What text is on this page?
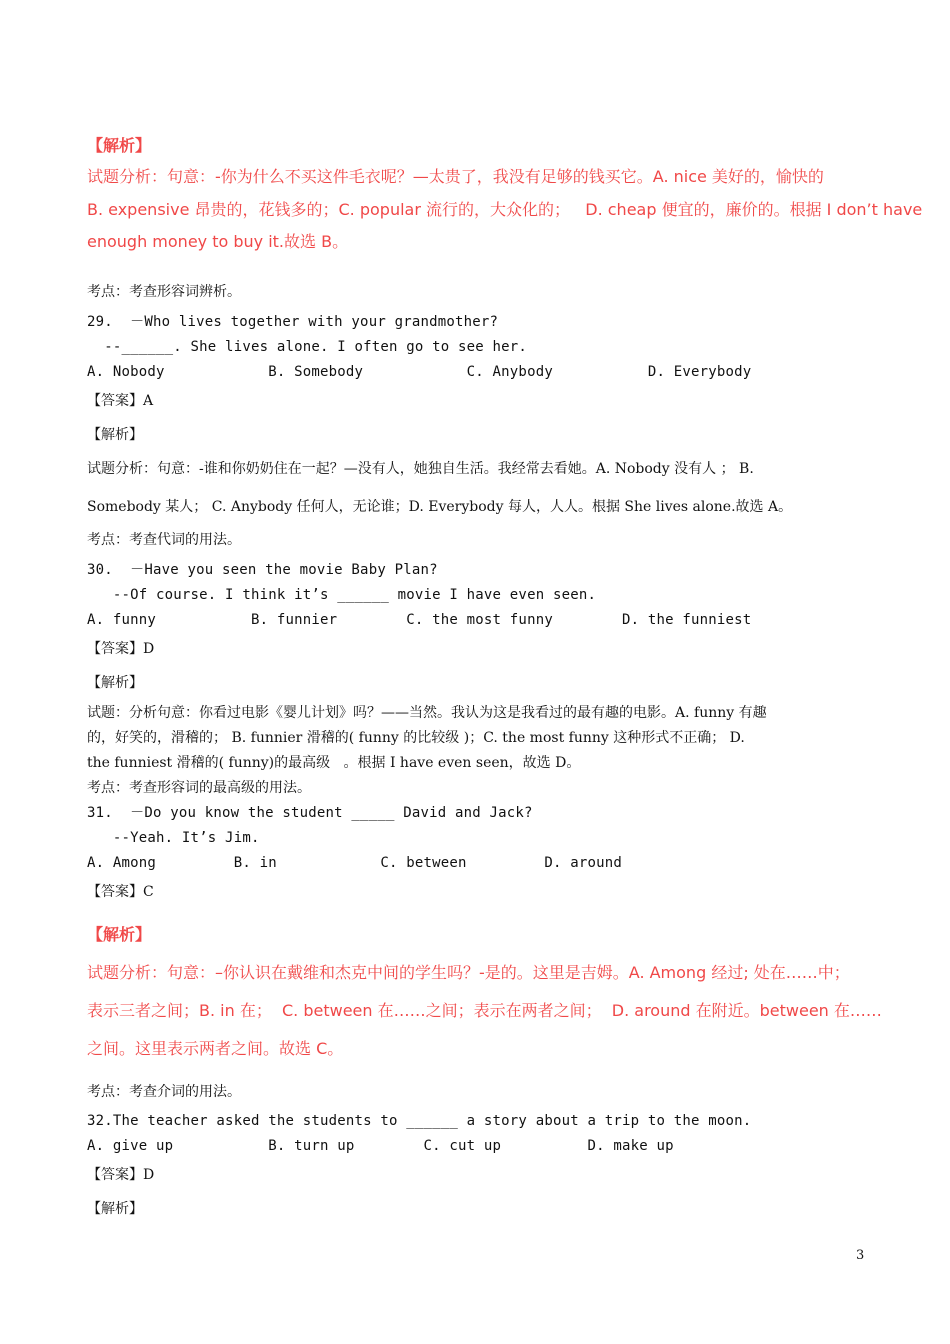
【解析】
试题分析：句意：-你为什么不买这件毛衣呢？—太贵了，我没有足够的钱买它。A. nice 美好的，愉快的
B. expensive 昂贵的，花钱多的；C. popular 流行的，大众化的；   D. cheap 便宜的，廉价的。根据 I don’t have
enough money to buy it.故选 B。
考点：考查形容词辨析。
29.  －Who lives together with your grandmother?
--______. She lives alone. I often go to see her.
A. Nobody            B. Somebody            C. Anybody           D. Everybody
【答案】A
【解析】
试题分析：句意：-谁和你奶奶住在一起？—没有人，她独自生活。我经常去看她。A. Nobody 没有人 ； B.
Somebody 某人； C. Anybody 任何人，无论谁；D. Everybody 每人，人人。根据 She lives alone.故选 A。
考点：考查代词的用法。
30.  －Have you seen the movie Baby Plan?
--Of course. I think it’s ______ movie I have even seen.
A. funny           B. funnier        C. the most funny        D. the funniest
【答案】D
【解析】
试题：分析句意：你看过电影《婴儿计划》吗？——当然。我认为这是我看过的最有趣的电影。A. funny 有趣
的，好笑的，滑稽的； B. funnier 滑稽的( funny 的比较级 )；C. the most funny 这种形式不正确； D.
the funniest 滑稽的( funny)的最高级   。根据 I have even seen，故选 D。
考点：考查形容词的最高级的用法。
31.  －Do you know the student _____ David and Jack?
--Yeah. It’s Jim.
A. Among         B. in            C. between         D. around
【答案】C
【解析】
试题分析：句意：–你认识在戴维和杰克中间的学生吗？-是的。这里是吉姆。A. Among 经过; 处在……中；
表示三者之间；B. in 在；  C. between 在……之间；表示在两者之间；  D. around 在附近。between 在……
之间。这里表示两者之间。故选 C。
考点：考查介词的用法。
32.The teacher asked the students to ______ a story about a trip to the moon.
A. give up           B. turn up        C. cut up          D. make up
【答案】D
【解析】
3
